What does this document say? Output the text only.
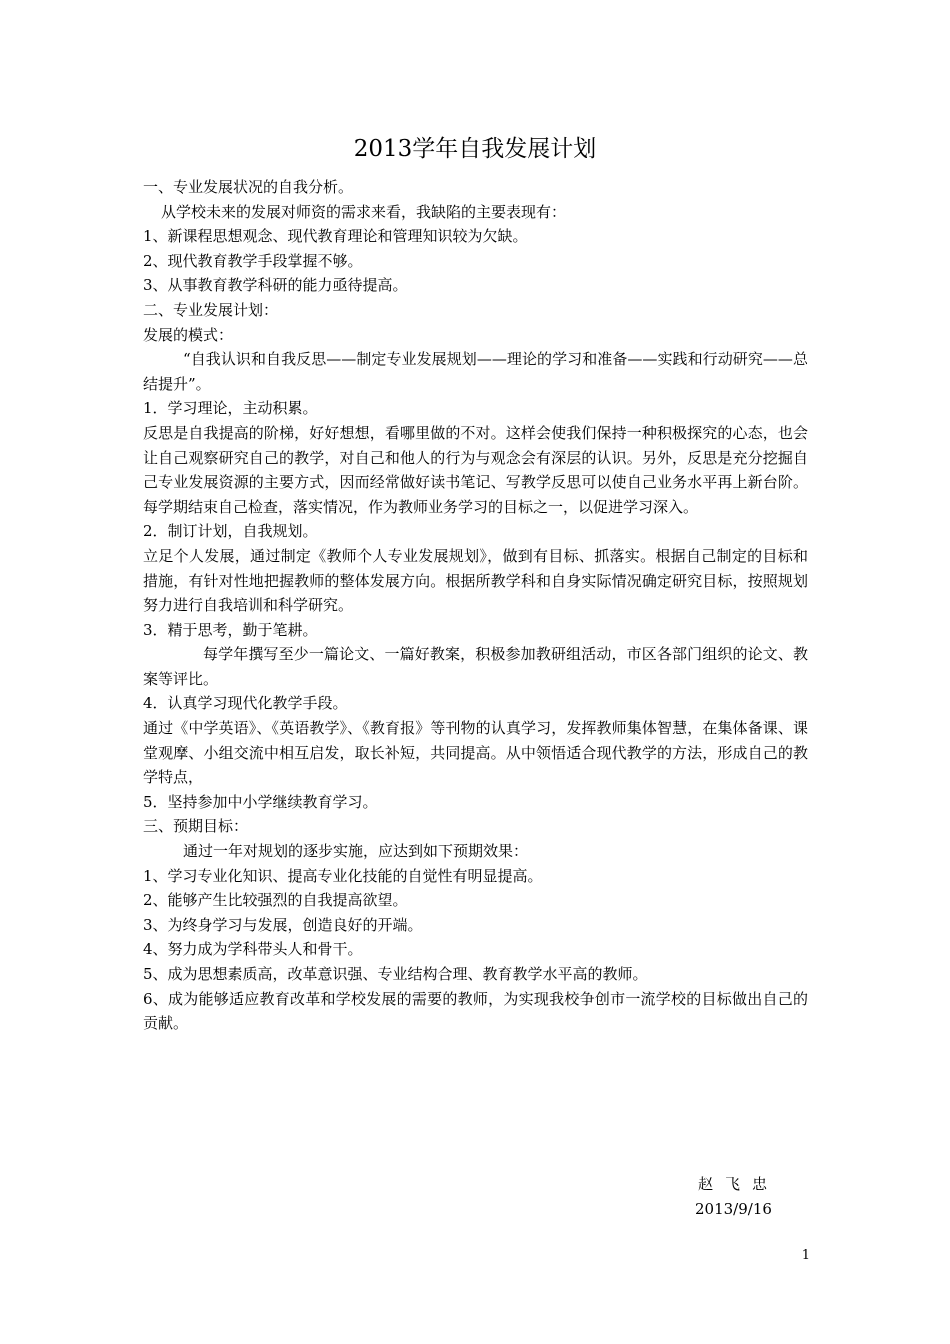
2013学年自我发展计划

一、专业发展状况的自我分析。

从学校未来的发展对师资的需求来看，我缺陷的主要表现有：

1、新课程思想观念、现代教育理论和管理知识较为欠缺。

2、现代教育教学手段掌握不够。

3、从事教育教学科研的能力亟待提高。

二、专业发展计划：

发展的模式：

“自我认识和自我反思——制定专业发展规划——理论的学习和准备——实践和行动研究——总结提升”。

1．学习理论，主动积累。

反思是自我提高的阶梯，好好想想，看哪里做的不对。这样会使我们保持一种积极探究的心态，也会让自己观察研究自己的教学，对自己和他人的行为与观念会有深层的认识。另外，反思是充分挖掘自己专业发展资源的主要方式，因而经常做好读书笔记、写教学反思可以使自己业务水平再上新台阶。每学期结束自己检查，落实情况，作为教师业务学习的目标之一，以促进学习深入。

2．制订计划，自我规划。

立足个人发展，通过制定《教师个人专业发展规划》，做到有目标、抓落实。根据自己制定的目标和措施，有针对性地把握教师的整体发展方向。根据所教学科和自身实际情况确定研究目标，按照规划努力进行自我培训和科学研究。

3．精于思考，勤于笔耕。

每学年撰写至少一篇论文、一篇好教案，积极参加教研组活动，市区各部门组织的论文、教案等评比。

4．认真学习现代化教学手段。

通过《中学英语》、《英语教学》、《教育报》等刊物的认真学习，发挥教师集体智慧，在集体备课、课堂观摩、小组交流中相互启发，取长补短，共同提高。从中领悟适合现代教学的方法，形成自己的教学特点，

5．坚持参加中小学继续教育学习。

三、预期目标：

通过一年对规划的逐步实施，应达到如下预期效果：

1、学习专业化知识、提高专业化技能的自觉性有明显提高。

2、能够产生比较强烈的自我提高欲望。

3、为终身学习与发展，创造良好的开端。

4、努力成为学科带头人和骨干。

5、成为思想素质高，改革意识强、专业结构合理、教育教学水平高的教师。

6、成为能够适应教育改革和学校发展的需要的教师，为实现我校争创市一流学校的目标做出自己的贡献。

赵飞忠

2013/9/16

1
